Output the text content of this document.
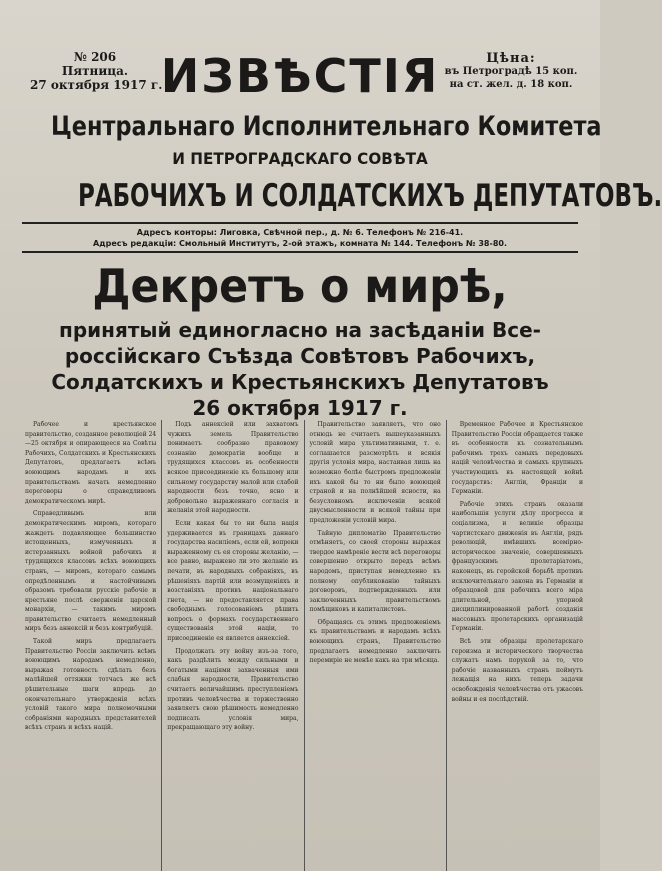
№ 206
Пятница.
27 октября 1917 г.
Цѣна:
въ Петроградѣ 15 коп.
на ст. жел. д. 18 коп.
ИЗВѢСТІЯ
Центральнаго Исполнительнаго Комитета
И ПЕТРОГРАДСКАГО СОВѢТА
РАБОЧИХЪ И СОЛДАТСКИХЪ ДЕПУТАТОВЪ.
Адресъ конторы: Лиговка, Свѣчной пер., д. № 6. Телефонъ № 216-41.
Адресъ редакціи: Смольный Институтъ, 2-ой этажъ, комната № 144. Телефонъ № 38-80.
Декретъ о мирѣ,
принятый единогласно на засѣданіи Все-
россійскаго Съѣзда Совѣтовъ Рабочихъ,
Солдатскихъ и Крестьянскихъ Депутатовъ
26 октября 1917 г.

Рабочее и крестьянское правительство, созданное революціей 24—25 октября и опирающееся на Совѣты Рабочихъ, Солдатскихъ и Крестьянскихъ Депутатовъ, предлагаетъ всѣмъ воюющимъ народамъ и ихъ правительствамъ начать немедленно переговоры о справедливомъ демократическомъ мирѣ.

Справедливымъ или демократическимъ миромъ, котораго жаждетъ подавляющее большинство истощенныхъ, измученныхъ и истерзанныхъ войной рабочихъ и трудящихся классовъ всѣхъ воюющихъ странъ, — миромъ, котораго самымъ опредѣленнымъ и настойчивымъ образомъ требовали русскіе рабочіе и крестьяне послѣ сверженія царской монархіи, — такимъ миромъ правительство считаетъ немедленный миръ безъ аннексій и безъ контрибуцій.

Такой миръ предлагаетъ Правительство Россіи заключить всѣмъ воюющимъ народамъ немедленно, выражая готовность сдѣлать безъ малѣйшей оттяжки тотчасъ же всѣ рѣшительные шаги впредь до окончательнаго утвержденія всѣхъ условій такого мира полномочными собраніями народныхъ представителей всѣхъ странъ и всѣхъ націй.

Подъ аннексіей или захватомъ чужихъ земель Правительство понимаетъ сообразно правовому сознанію демократіи вообще и трудящихся классовъ въ особенности всякое присоединеніе къ большому или сильному государству малой или слабой народности безъ точно, ясно и добровольно выраженнаго согласія и желанія этой народности.

Если какая бы то ни была нація удерживается въ границахъ даннаго государства насиліемъ, если ей, вопреки выраженному съ ея стороны желанію, — все равно, выражено ли это желаніе въ печати, въ народныхъ собраніяхъ, въ рѣшеніяхъ партій или возмущеніяхъ и возстаніяхъ противъ національнаго гнета, — не предоставляется права свободнымъ голосованіемъ рѣшить вопросъ о формахъ государственнаго существованія этой націи, то присоединеніе ея является аннексіей.

Продолжать эту войну изъ-за того, какъ раздѣлить между сильными и богатыми націями захваченныя ими слабыя народности, Правительство считаетъ величайшимъ преступленіемъ противъ человѣчества и торжественно заявляетъ свою рѣшимость немедленно подписать условія мира, прекращающаго эту войну.

Правительство заявляетъ, что оно отнюдь не считаетъ вышеуказанныхъ условій мира ультимативными, т. е. соглашается разсмотрѣть и всякія другія условія мира, настаивая лишь на возможно болѣе быстромъ предложеніи ихъ какой бы то ни было воюющей страной и на полнѣйшей ясности, на безусловномъ исключеніи всякой двусмысленности и всякой тайны при предложеніи условій мира.

Тайную дипломатію Правительство отмѣняетъ, со своей стороны выражая твердое намѣреніе вести всѣ переговоры совершенно открыто передъ всѣмъ народомъ, приступая немедленно къ полному опубликованію тайныхъ договоровъ, подтвержденныхъ или заключенныхъ правительствомъ помѣщиковъ и капиталистовъ.

Обращаясь съ этимъ предложеніемъ къ правительствамъ и народамъ всѣхъ воюющихъ странъ, Правительство предлагаетъ немедленно заключить перемиріе не менѣе какъ на три мѣсяца.

Временное Рабочее и Крестьянское Правительство Россіи обращается также въ особенности къ сознательнымъ рабочимъ трехъ самыхъ передовыхъ націй человѣчества и самыхъ крупныхъ участвующихъ въ настоящей войнѣ государствъ: Англіи, Франціи и Германіи.

Рабочіе этихъ странъ оказали наибольшія услуги дѣлу прогресса и соціализма, и великіе образцы чартистскаго движенія въ Англіи, рядъ революцій, имѣвшихъ всемірно-историческое значеніе, совершенныхъ французскимъ пролетаріатомъ, наконецъ, въ геройской борьбѣ противъ исключительнаго закона въ Германіи и образцовой для рабочихъ всего міра длительной, упорной дисциплинированной работѣ созданія массовыхъ пролетарскихъ организацій Германіи.

Всѣ эти образцы пролетарскаго героизма и исторического творчества служатъ намъ порукой за то, что рабочіе названныхъ странъ поймутъ лежащія на нихъ теперь задачи освобожденія человѣчества отъ ужасовъ войны и ея послѣдствій.
